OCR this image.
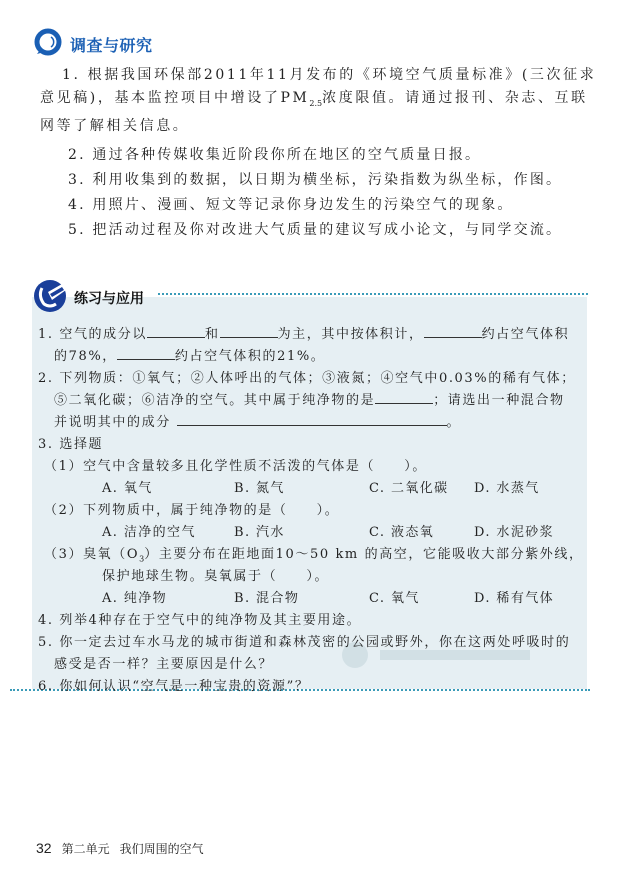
调查与研究
1. 根据我国环保部2011年11月发布的《环境空气质量标准》(三次征求意见稿)，基本监控项目中增设了$PM_{2.5}$浓度限值。请通过报刊、杂志、互联网等了解相关信息。
2. 通过各种传媒收集近阶段你所在地区的空气质量日报。
3. 利用收集到的数据，以日期为横坐标，污染指数为纵坐标，作图。
4. 用照片、漫画、短文等记录你身边发生的污染空气的现象。
5. 把活动过程及你对改进大气质量的建议写成小论文，与同学交流。
练习与应用
1. 空气的成分以	和	为主，其中按体积计，	约占空气体积
的78%，	约占空气体积的21%。
2. 下列物质：①氧气；②人体呼出的气体；③液氮；④空气中0.03%的稀有气体；
⑤二氧化碳；⑥洁净的空气。其中属于纯净物的是	；请选出一种混合物
并说明其中的成分	。
3. 选择题
（1）空气中含量较多且化学性质不活泼的气体是（　　）。
A. 氧气	B. 氮气	C. 二氧化碳 D. 水蒸气
（2）下列物质中，属于纯净物的是（　　）。
A. 洁净的空气	B. 汽水	C. 液态氧	D. 水泥砂浆
（3）臭氧$(O_3)$主要分布在距地面10～50 km 的高空，它能吸收大部分紫外线，
保护地球生物。臭氧属于（　　）。
A. 纯净物	B. 混合物	C. 氧气	D. 稀有气体
4. 列举4种存在于空气中的纯净物及其主要用途。
5. 你一定去过车水马龙的城市街道和森林茂密的公园或野外，你在这两处呼吸时的
感受是否一样？主要原因是什么？
6. 你如何认识“空气是一种宝贵的资源”？
32 第二单元 我们周围的空气
